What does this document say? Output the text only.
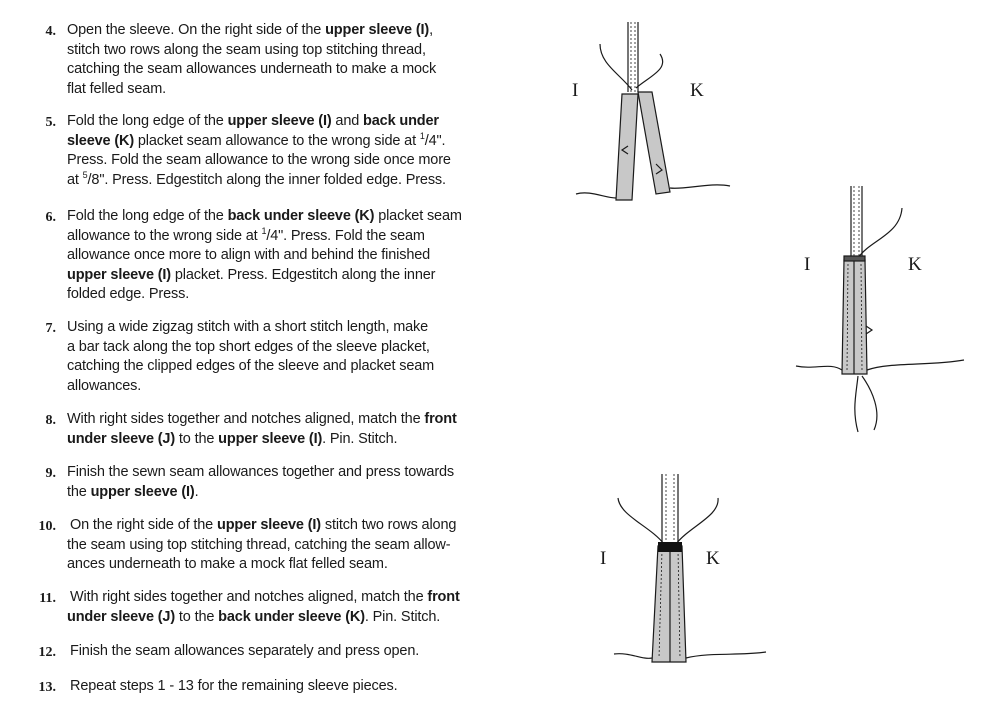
4. Open the sleeve. On the right side of the upper sleeve (I),
stitch two rows along the seam using top stitching thread,
catching the seam allowances underneath to make a mock
flat felled seam.
5. Fold the long edge of the upper sleeve (I) and back under
sleeve (K) placket seam allowance to the wrong side at $^1$/4".
Press. Fold the seam allowance to the wrong side once more
at $^5$/8". Press. Edgestitch along the inner folded edge. Press.
6. Fold the long edge of the back under sleeve (K) placket seam
allowance to the wrong side at $^1$/4". Press. Fold the seam
allowance once more to align with and behind the finished
upper sleeve (I) placket. Press. Edgestitch along the inner
folded edge. Press.
7. Using a wide zigzag stitch with a short stitch length, make
a bar tack along the top short edges of the sleeve placket,
catching the clipped edges of the sleeve and placket seam
allowances.
8. With right sides together and notches aligned, match the front
under sleeve (J) to the upper sleeve (I). Pin. Stitch.
9. Finish the sewn seam allowances together and press towards
the upper sleeve (I).
10. On the right side of the upper sleeve (I) stitch two rows along
the seam using top stitching thread, catching the seam allow-
ances underneath to make a mock flat felled seam.
11. With right sides together and notches aligned, match the front
under sleeve (J) to the back under sleeve (K). Pin. Stitch.
12. Finish the seam allowances separately and press open.
13. Repeat steps 1 - 13 for the remaining sleeve pieces.
I	K
I	K
I	K
